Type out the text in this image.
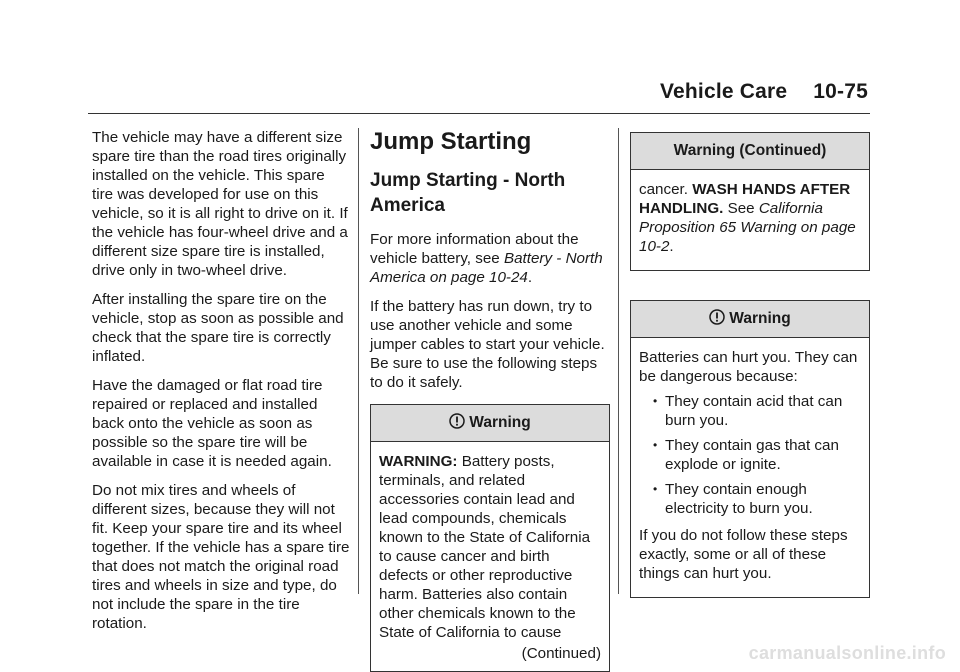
Vehicle Care 10-75

The vehicle may have a different size spare tire than the road tires originally installed on the vehicle. This spare tire was developed for use on this vehicle, so it is all right to drive on it. If the vehicle has four-wheel drive and a different size spare tire is installed, drive only in two-wheel drive.

After installing the spare tire on the vehicle, stop as soon as possible and check that the spare tire is correctly inflated.

Have the damaged or flat road tire repaired or replaced and installed back onto the vehicle as soon as possible so the spare tire will be available in case it is needed again.

Do not mix tires and wheels of different sizes, because they will not fit. Keep your spare tire and its wheel together. If the vehicle has a spare tire that does not match the original road tires and wheels in size and type, do not include the spare in the tire rotation.

Jump Starting
Jump Starting - North America

For more information about the vehicle battery, see Battery - North America on page 10-24.

If the battery has run down, try to use another vehicle and some jumper cables to start your vehicle. Be sure to use the following steps to do it safely.

Warning

WARNING: Battery posts, terminals, and related accessories contain lead and lead compounds, chemicals known to the State of California to cause cancer and birth defects or other reproductive harm. Batteries also contain other chemicals known to the State of California to cause

(Continued)
Warning (Continued)

cancer. WASH HANDS AFTER HANDLING. See California Proposition 65 Warning on page 10-2.

Warning

Batteries can hurt you. They can be dangerous because:

• They contain acid that can burn you.
• They contain gas that can explode or ignite.
• They contain enough electricity to burn you.

If you do not follow these steps exactly, some or all of these things can hurt you.

carmanualsonline.info
